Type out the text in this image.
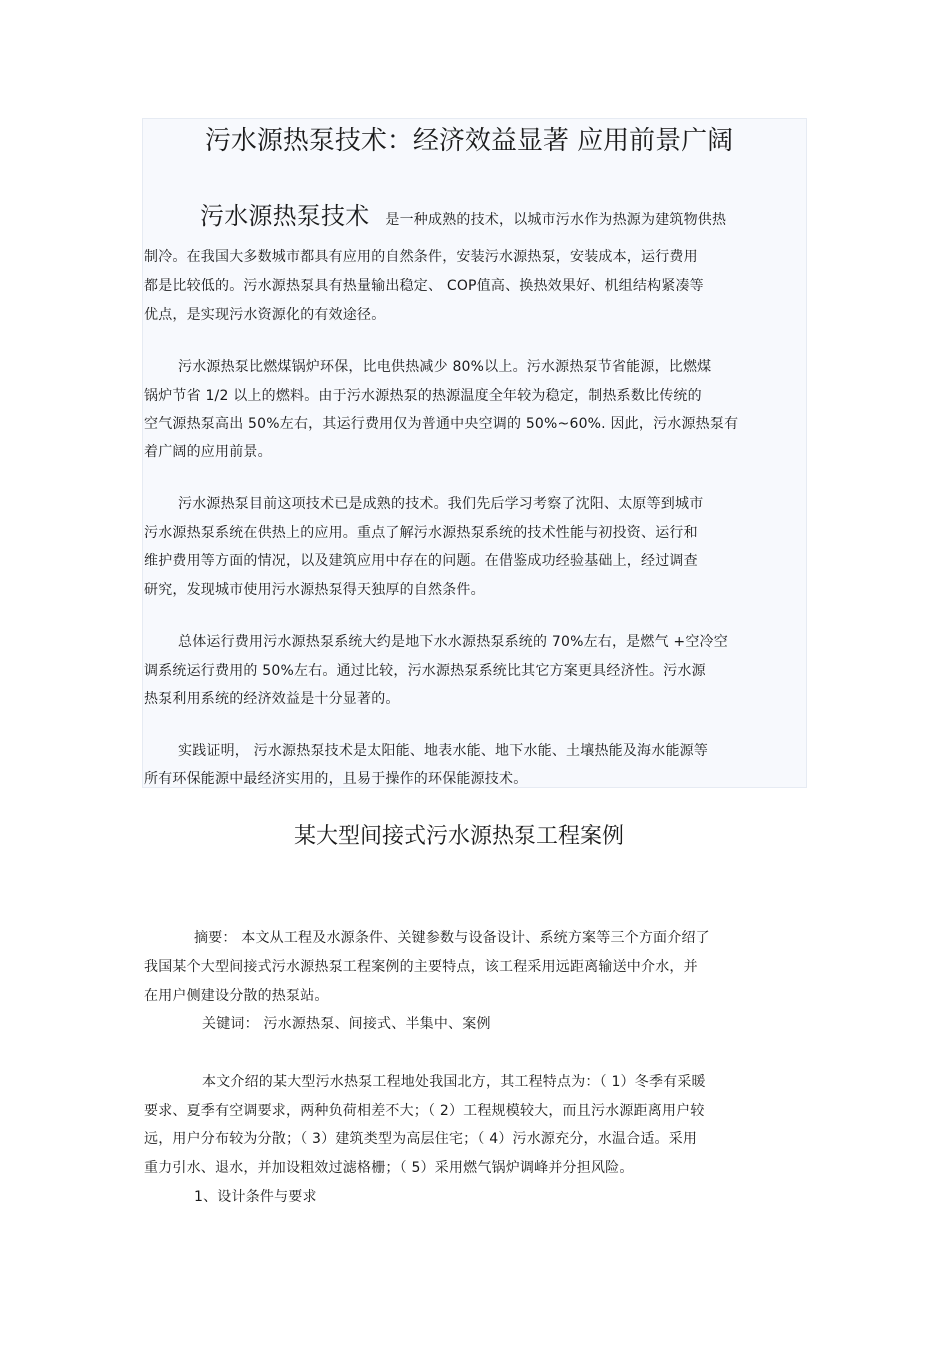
污水源热泵技术：经济效益显著 应用前景广阔
污水源热泵技术 是一种成熟的技术，以城市污水作为热源为建筑物供热
制冷。在我国大多数城市都具有应用的自然条件，安装污水源热泵，安装成本，运行费用
都是比较低的。污水源热泵具有热量输出稳定、 COP值高、换热效果好、机组结构紧凑等
优点，是实现污水资源化的有效途径。
污水源热泵比燃煤锅炉环保，比电供热减少 80%以上。污水源热泵节省能源，比燃煤
锅炉节省 1/2 以上的燃料。由于污水源热泵的热源温度全年较为稳定，制热系数比传统的
空气源热泵高出 50%左右，其运行费用仅为普通中央空调的 50%~60%. 因此，污水源热泵有
着广阔的应用前景。
污水源热泵目前这项技术已是成熟的技术。我们先后学习考察了沈阳、太原等到城市
污水源热泵系统在供热上的应用。重点了解污水源热泵系统的技术性能与初投资、运行和
维护费用等方面的情况，以及建筑应用中存在的问题。在借鉴成功经验基础上，经过调查
研究，发现城市使用污水源热泵得天独厚的自然条件。
总体运行费用污水源热泵系统大约是地下水水源热泵系统的 70%左右，是燃气 +空冷空
调系统运行费用的 50%左右。通过比较，污水源热泵系统比其它方案更具经济性。污水源
热泵利用系统的经济效益是十分显著的。
实践证明， 污水源热泵技术是太阳能、地表水能、地下水能、土壤热能及海水能源等
所有环保能源中最经济实用的，且易于操作的环保能源技术。
某大型间接式污水源热泵工程案例
摘要： 本文从工程及水源条件、关键参数与设备设计、系统方案等三个方面介绍了
我国某个大型间接式污水源热泵工程案例的主要特点，该工程采用远距离输送中介水，并
在用户侧建设分散的热泵站。
关键词： 污水源热泵、间接式、半集中、案例
本文介绍的某大型污水热泵工程地处我国北方，其工程特点为：（ 1）冬季有采暖
要求、夏季有空调要求，两种负荷相差不大；（ 2）工程规模较大，而且污水源距离用户较
远，用户分布较为分散；（ 3）建筑类型为高层住宅；（ 4）污水源充分，水温合适。采用
重力引水、退水，并加设粗效过滤格栅；（ 5）采用燃气锅炉调峰并分担风险。
1、设计条件与要求
